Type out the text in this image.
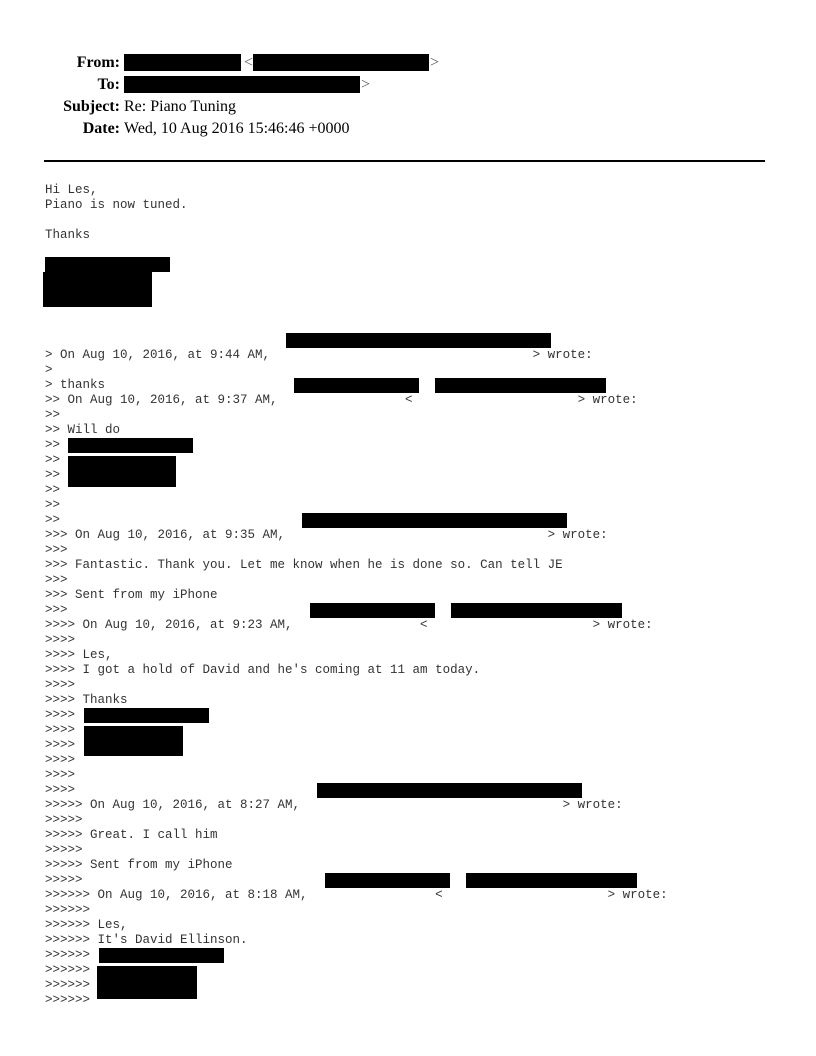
From:	<	>
To:	>
Subject: Re: Piano Tuning
Date: Wed, 10 Aug 2016 15:46:46 +0000
Hi Les,
Piano is now tuned.
Thanks
> On Aug 10, 2016, at 9:44 AM,                                   > wrote:
>
> thanks
>> On Aug 10, 2016, at 9:37 AM,                 <                      > wrote:
>>
>> Will do
>>
>>
>>
>>
>>
>>
>>> On Aug 10, 2016, at 9:35 AM,                                   > wrote:
>>>
>>> Fantastic. Thank you. Let me know when he is done so. Can tell JE
>>>
>>> Sent from my iPhone
>>>
>>>> On Aug 10, 2016, at 9:23 AM,                 <                      > wrote:
>>>>
>>>> Les,
>>>> I got a hold of David and he's coming at 11 am today.
>>>>
>>>> Thanks
>>>>
>>>>
>>>>
>>>>
>>>>
>>>>
>>>>> On Aug 10, 2016, at 8:27 AM,                                   > wrote:
>>>>>
>>>>> Great. I call him
>>>>>
>>>>> Sent from my iPhone
>>>>>
>>>>>> On Aug 10, 2016, at 8:18 AM,                 <                      > wrote:
>>>>>>
>>>>>> Les,
>>>>>> It's David Ellinson.
>>>>>>
>>>>>>
>>>>>>
>>>>>>
